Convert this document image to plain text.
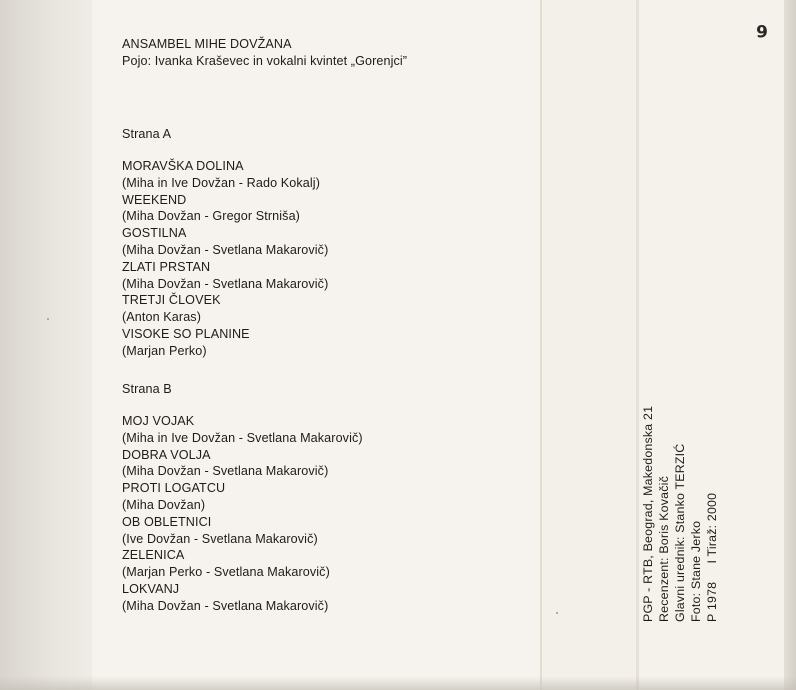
ANSAMBEL MIHE DOVŽANA
Pojo: Ivanka Kraševec in vokalni kvintet „Gorenjci”
Strana A
MORAVŠKA DOLINA
(Miha in Ive Dovžan - Rado Kokalj)
WEEKEND
(Miha Dovžan - Gregor Strniša)
GOSTILNA
(Miha Dovžan - Svetlana Makarovič)
ZLATI PRSTAN
(Miha Dovžan - Svetlana Makarovič)
TRETJI ČLOVEK
(Anton Karas)
VISOKE SO PLANINE
(Marjan Perko)
Strana B
MOJ VOJAK
(Miha in Ive Dovžan - Svetlana Makarovič)
DOBRA VOLJA
(Miha Dovžan - Svetlana Makarovič)
PROTI LOGATCU
(Miha Dovžan)
OB OBLETNICI
(Ive Dovžan - Svetlana Makarovič)
ZELENICA
(Marjan Perko - Svetlana Makarovič)
LOKVANJ
(Miha Dovžan - Svetlana Makarovič)	PGP - RTB, Beograd, Makedonska 21 Recenzent: Boris Kovačič Glavni urednik: Stanko TERZIĆ Foto: Stane Jerko P 1978     I Tiraž: 2000
6
